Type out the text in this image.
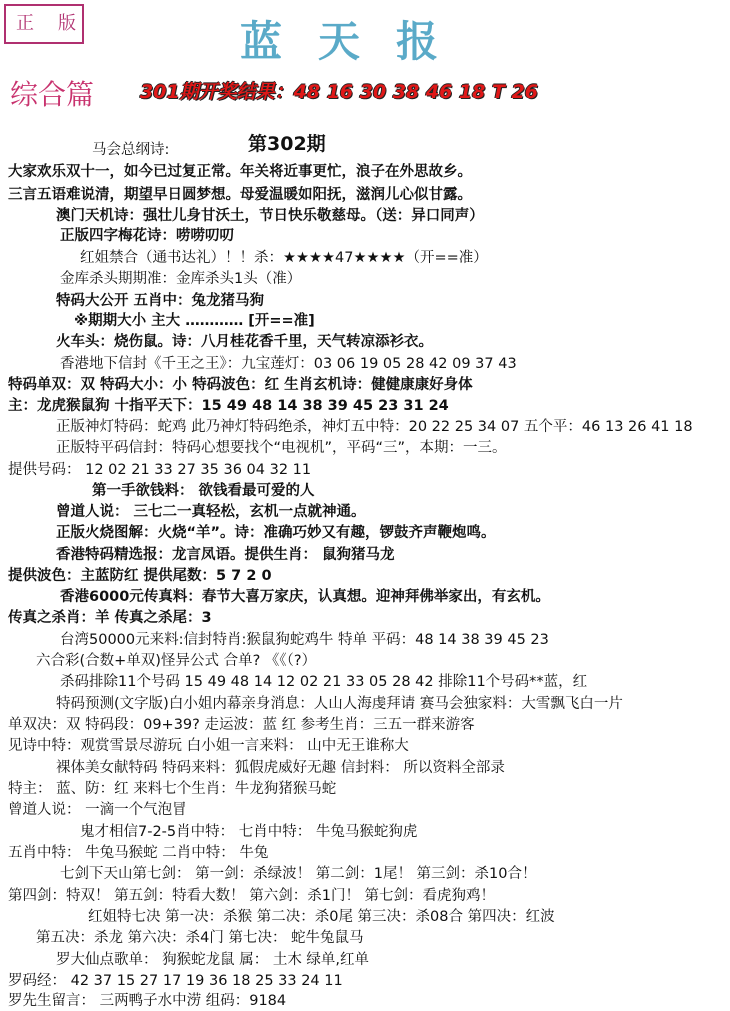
正 版	蓝天报
综合篇 301期开奖结果：48 16 30 38 46 18 T 26
第302期
马会总纲诗:
大家欢乐双十一，如今已过复正常。年关将近事更忙，浪子在外思故乡。
三言五语难说清，期望早日圆梦想。母爱温暖如阳抚，滋润儿心似甘露。
澳门天机诗：强壮儿身甘沃土，节日快乐敬慈母。（送：异口同声）
正版四字梅花诗：唠唠叨叨
红姐禁合（通书达礼）！！杀：★★★★47★★★★（开==准）
金库杀头期期准：金库杀头1头（准）
特码大公开 五肖中：兔龙猪马狗
※期期大小 主大 ………… [开==准]
火车头：烧伤鼠。诗：八月桂花香千里，天气转凉添衫衣。
香港地下信封《千王之王》：九宝莲灯：03 06 19 05 28 42 09 37 43
特码单双：双 特码大小：小 特码波色：红 生肖玄机诗：健健康康好身体
主：龙虎猴鼠狗 十指平天下：15 49 48 14 38 39 45 23 31 24
正版神灯特码：蛇鸡 此乃神灯特码绝杀，神灯五中特：20 22 25 34 07 五个平：46 13 26 41 18
正版特平码信封：特码心想要找个“电视机”，平码“三”，本期：一三。
提供号码： 12 02 21 33 27 35 36 04 32 11
第一手欲钱料： 欲钱看最可爱的人
曾道人说： 三七二一真轻松，玄机一点就神通。
正版火烧图解：火烧“羊”。诗：准确巧妙又有趣，锣鼓齐声鞭炮鸣。
香港特码精选报：龙言凤语。提供生肖： 鼠狗猪马龙
提供波色：主蓝防红 提供尾数：5 7 2 0
香港6000元传真料：春节大喜万家庆，认真想。迎神拜佛举家出，有玄机。
传真之杀肖：羊 传真之杀尾：3
台湾50000元来料:信封特肖:猴鼠狗蛇鸡牛 特单 平码：48 14 38 39 45 23
六合彩(合数+单双)怪异公式 合单? 《《（?）
杀码排除11个号码 15 49 48 14 12 02 21 33 05 28 42 排除11个号码**蓝，红
特码预测(文字版)白小姐内幕亲身消息：人山人海虔拜请 赛马会独家料：大雪飘飞白一片
单双决：双 特码段：09+39? 走运波：蓝 红 参考生肖：三五一群来游客
见诗中特：观赏雪景尽游玩 白小姐一言来料： 山中无王谁称大
裸体美女献特码 特码来料：狐假虎威好无趣 信封料： 所以资料全部录
特主： 蓝、防：红 来料七个生肖：牛龙狗猪猴马蛇
曾道人说： 一滴一个气泡冒
鬼才相信7-2-5肖中特： 七肖中特： 牛兔马猴蛇狗虎
五肖中特： 牛兔马猴蛇 二肖中特： 牛兔
七剑下天山第七剑： 第一剑：杀绿波！ 第二剑：1尾！ 第三剑：杀10合！
第四剑：特双！ 第五剑：特看大数！ 第六剑：杀1门！ 第七剑：看虎狗鸡！
红姐特七决 第一决：杀猴 第二决：杀0尾 第三决：杀08合 第四决：红波
第五决：杀龙 第六决：杀4门 第七决： 蛇牛兔鼠马
罗大仙点歌单： 狗猴蛇龙鼠 属： 土木 绿单,红单
罗码经： 42 37 15 27 17 19 36 18 25 33 24 11
罗先生留言： 三两鸭子水中涝 组码：9184
